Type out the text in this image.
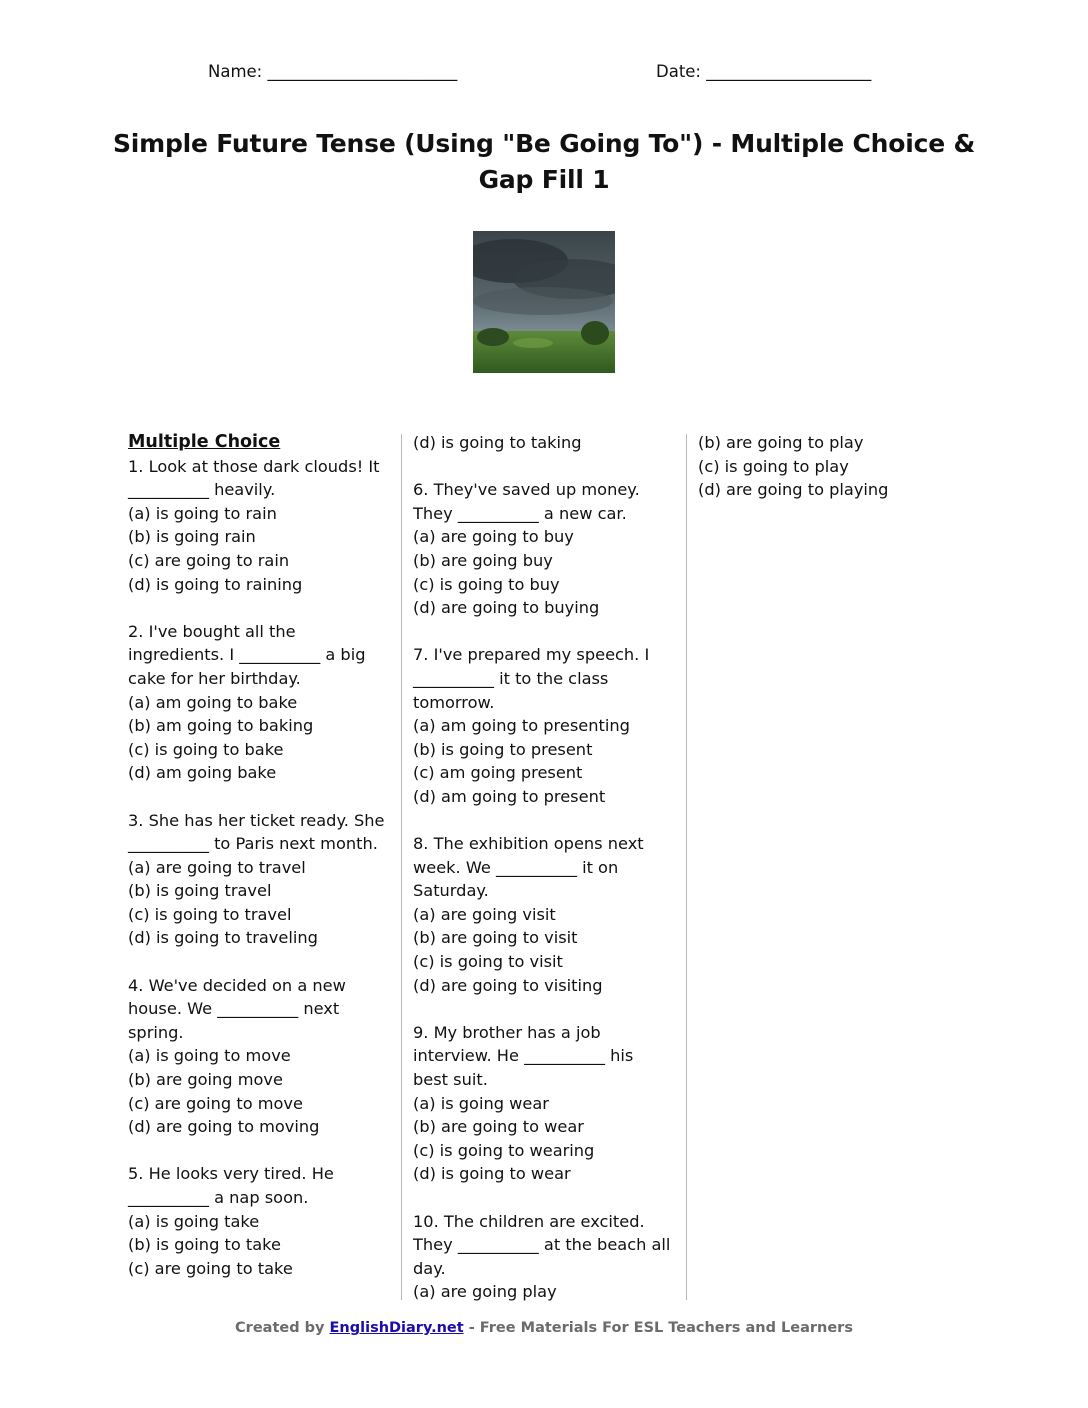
Name: _______________________	Date: ____________________
Simple Future Tense (Using "Be Going To") - Multiple Choice & Gap Fill 1
Multiple Choice
1. Look at those dark clouds! It
__________ heavily.
(a) is going to rain
(b) is going rain
(c) are going to rain
(d) is going to raining
2. I've bought all the
ingredients. I __________ a big
cake for her birthday.
(a) am going to bake
(b) am going to baking
(c) is going to bake
(d) am going bake
3. She has her ticket ready. She
__________ to Paris next month.
(a) are going to travel
(b) is going travel
(c) is going to travel
(d) is going to traveling
4. We've decided on a new
house. We __________ next
spring.
(a) is going to move
(b) are going move
(c) are going to move
(d) are going to moving
5. He looks very tired. He
__________ a nap soon.
(a) is going take
(b) is going to take
(c) are going to take
(d) is going to taking
6. They've saved up money.
They __________ a new car.
(a) are going to buy
(b) are going buy
(c) is going to buy
(d) are going to buying
7. I've prepared my speech. I
__________ it to the class
tomorrow.
(a) am going to presenting
(b) is going to present
(c) am going present
(d) am going to present
8. The exhibition opens next
week. We __________ it on
Saturday.
(a) are going visit
(b) are going to visit
(c) is going to visit
(d) are going to visiting
9. My brother has a job
interview. He __________ his
best suit.
(a) is going wear
(b) are going to wear
(c) is going to wearing
(d) is going to wear
10. The children are excited.
They __________ at the beach all
day.
(a) are going play
(b) are going to play
(c) is going to play
(d) are going to playing
Created by EnglishDiary.net - Free Materials For ESL Teachers and Learners
